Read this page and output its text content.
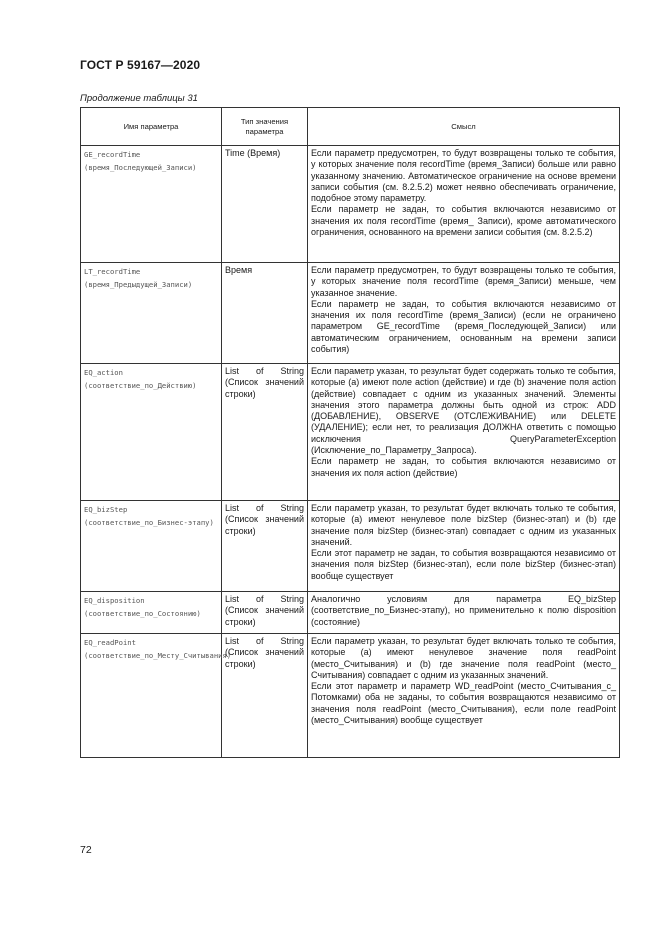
ГОСТ Р 59167—2020
Продолжение таблицы 31
Имя параметра	Тип значения параметра	Смысл
GE_recordTime (время_Последующей_Записи)	Time (Время)	Если параметр предусмотрен, то будут возвращены только те события, у которых значение поля recordTime (время_Записи) больше или равно указанному значению. Автоматическое ограничение на основе времени записи события (см. 8.2.5.2) может неявно обеспечивать ограничение, подобное этому параметру.
Если параметр не задан, то события включаются независимо от значения их поля recordTime (время_ Записи), кроме автоматического ограничения, основанного на времени записи события (см. 8.2.5.2)

LT_recordTime (время_Предыдущей_Записи)	Время	Если параметр предусмотрен, то будут возвращены только те события, у которых значение поля recordTime (время_Записи) меньше, чем указанное значение.
Если параметр не задан, то события включаются независимо от значения их поля recordTime (время_Записи) (если не ограничено параметром GE_recordTime (время_Последующей_Записи) или автоматическим ограничением, основанным на времени записи события)

EQ_action (соответствие_по_Действию)	List of String (Список значений строки)	Если параметр указан, то результат будет содержать только те события, которые (а) имеют поле action (действие) и где (b) значение поля action (действие) совпадает с одним из указанных значений. Элементы значения этого параметра должны быть одной из строк: ADD (ДОБАВЛЕНИЕ), OBSERVE (ОТСЛЕЖИВАНИЕ) или DELETE (УДАЛЕНИЕ); если нет, то реализация ДОЛЖНА ответить с помощью исключения QueryParameterException (Исключение_по_Параметру_Запроса).
Если параметр не задан, то события включаются независимо от значения их поля action (действие)

EQ_bizStep (соответствие_по_Бизнес-этапу)	List of String (Список значений строки)	Если параметр указан, то результат будет включать только те события, которые (а) имеют ненулевое поле bizStep (бизнес-этап) и (b) где значение поля bizStep (бизнес-этап) совпадает с одним из указанных значений.
Если этот параметр не задан, то события возвращаются независимо от значения поля bizStep (бизнес-этап), если поле bizStep (бизнес-этап) вообще существует

EQ_disposition (соответствие_по_Состоянию)	List of String (Список значений строки)	Аналогично условиям для параметра EQ_bizStep (соответствие_по_Бизнес-этапу), но применительно к полю disposition (состояние)

EQ_readPoint (соответствие_по_Месту_Считывания)	List of String (Список значений строки)	Если параметр указан, то результат будет включать только те события, которые (а) имеют ненулевое значение поля readPoint (место_Считывания) и (b) где значение поля readPoint (место_ Считывания) совпадает с одним из указанных значений.
Если этот параметр и параметр WD_readPoint (место_Считывания_с_ Потомками) оба не заданы, то события возвращаются независимо от значения поля readPoint (место_Считывания), если поле readPoint (место_Считывания) вообще существует
72
